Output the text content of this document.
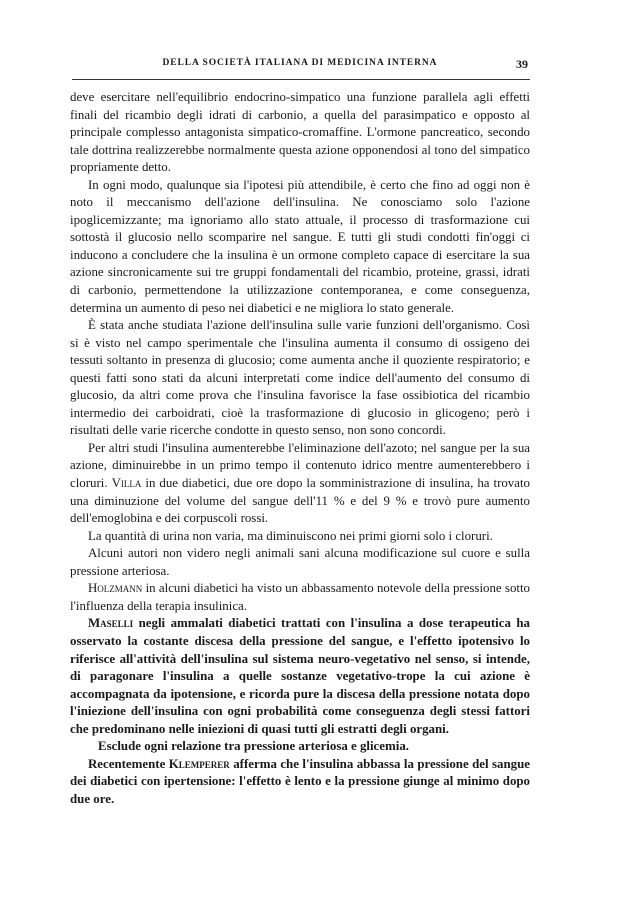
DELLA SOCIETÀ ITALIANA DI MEDICINA INTERNA	39

deve esercitare nell'equilibrio endocrino-simpatico una funzione parallela agli effetti finali del ricambio degli idrati di carbonio, a quella del parasimpatico e opposto al principale complesso antagonista simpatico-cromaffine. L'ormone pancreatico, secondo tale dottrina realizzerebbe normalmente questa azione opponendosi al tono del simpatico propriamente detto.

In ogni modo, qualunque sia l'ipotesi più attendibile, è certo che fino ad oggi non è noto il meccanismo dell'azione dell'insulina. Ne conosciamo solo l'azione ipoglicemizzante; ma ignoriamo allo stato attuale, il processo di trasformazione cui sottostà il glucosio nello scomparire nel sangue. E tutti gli studi condotti fin'oggi ci inducono a concludere che la insulina è un ormone completo capace di esercitare la sua azione sincronicamente sui tre gruppi fondamentali del ricambio, proteine, grassi, idrati di carbonio, permettendone la utilizzazione contemporanea, e come conseguenza, determina un aumento di peso nei diabetici e ne migliora lo stato generale.

È stata anche studiata l'azione dell'insulina sulle varie funzioni dell'organismo. Così si è visto nel campo sperimentale che l'insulina aumenta il consumo di ossigeno dei tessuti soltanto in presenza di glucosio; come aumenta anche il quoziente respiratorio; e questi fatti sono stati da alcuni interpretati come indice dell'aumento del consumo di glucosio, da altri come prova che l'insulina favorisce la fase ossibiotica del ricambio intermedio dei carboidrati, cioè la trasformazione di glucosio in glicogeno; però i risultati delle varie ricerche condotte in questo senso, non sono concordi.

Per altri studi l'insulina aumenterebbe l'eliminazione dell'azoto; nel sangue per la sua azione, diminuirebbe in un primo tempo il contenuto idrico mentre aumenterebbero i cloruri. Villa in due diabetici, due ore dopo la somministrazione di insulina, ha trovato una diminuzione del volume del sangue dell'11 % e del 9 % e trovò pure aumento dell'emoglobina e dei corpuscoli rossi.

La quantità di urina non varia, ma diminuiscono nei primi giorni solo i cloruri.

Alcuni autori non videro negli animali sani alcuna modificazione sul cuore e sulla pressione arteriosa.

Holzmann in alcuni diabetici ha visto un abbassamento notevole della pressione sotto l'influenza della terapia insulinica.

Maselli negli ammalati diabetici trattati con l'insulina a dose terapeutica ha osservato la costante discesa della pressione del sangue, e l'effetto ipotensivo lo riferisce all'attività dell'insulina sul sistema neuro-vegetativo nel senso, si intende, di paragonare l'insulina a quelle sostanze vegetativo-trope la cui azione è accompagnata da ipotensione, e ricorda pure la discesa della pressione notata dopo l'iniezione dell'insulina con ogni probabilità come conseguenza degli stessi fattori che predominano nelle iniezioni di quasi tutti gli estratti degli organi.

Esclude ogni relazione tra pressione arteriosa e glicemia.

Recentemente Klemperer afferma che l'insulina abbassa la pressione del sangue dei diabetici con ipertensione: l'effetto è lento e la pressione giunge al minimo dopo due ore.
